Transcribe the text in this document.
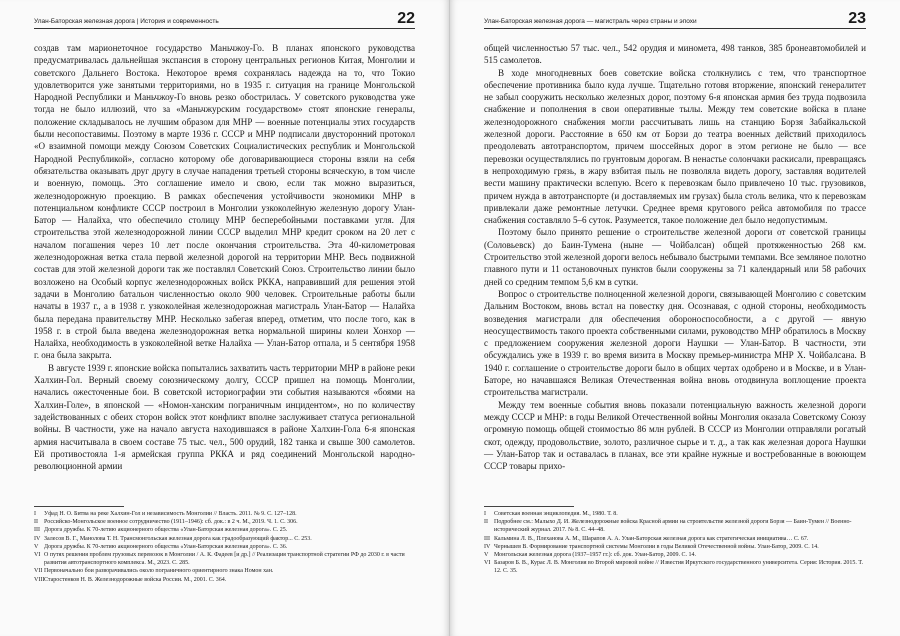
Улан-Баторская железная дорога | История и современность	22

создав там марионеточное государство Маньчжоу-Го. В планах японского руководства предусматривалась дальнейшая экспансия в сторону центральных регионов Китая, Монголии и советского Дальнего Востока. Некоторое время сохранялась надежда на то, что Токио удовлетворится уже занятыми территориями, но в 1935 г. ситуация на границе Монгольской Народной Республики и Маньчжоу-Го вновь резко обострилась. У советского руководства уже тогда не было иллюзий, что за «Маньчжурским государством» стоят японские генералы, положение складывалось не лучшим образом для МНР — военные потенциалы этих государств были несопоставимы. Поэтому в марте 1936 г. СССР и МНР подписали двусторонний протокол «О взаимной помощи между Союзом Советских Социалистических республик и Монгольской Народной Республикой», согласно которому обе договаривающиеся стороны взяли на себя обязательства оказывать друг другу в случае нападения третьей стороны всяческую, в том числе и военную, помощь. Это соглашение имело и свою, если так можно выразиться, железнодорожную проекцию. В рамках обеспечения устойчивости экономики МНР в потенциальном конфликте СССР построил в Монголии узкоколейную железную дорогу Улан-Батор — Налайха, что обеспечило столицу МНР бесперебойными поставками угля. Для строительства этой железнодорожной линии СССР выделил МНР кредит сроком на 20 лет с началом погашения через 10 лет после окончания строительства. Эта 40-километровая железнодорожная ветка стала первой железной дорогой на территории МНР. Весь подвижной состав для этой железной дороги так же поставлял Советский Союз. Строительство линии было возложено на Особый корпус железнодорожных войск РККА, направивший для решения этой задачи в Монголию батальон численностью около 900 человек. Строительные работы были начаты в 1937 г., а в 1938 г. узкоколейная железнодорожная магистраль Улан-Батор — Налайха была передана правительству МНР. Несколько забегая вперед, отметим, что после того, как в 1958 г. в строй была введена железнодорожная ветка нормальной ширины колеи Хонхор — Налайха, необходимость в узкоколейной ветке Налайха — Улан-Батор отпала, и 5 сентября 1958 г. она была закрыта.

В августе 1939 г. японские войска попытались захватить часть территории МНР в районе реки Халхин-Гол. Верный своему союзническому долгу, СССР пришел на помощь Монголии, начались ожесточенные бои. В советской историографии эти события называются «боями на Халхин-Голе», в японской — «Номон-ханским пограничным инцидентом», но по количеству задействованных с обеих сторон войск этот конфликт вполне заслуживает статуса региональной войны. В частности, уже на начало августа находившаяся в районе Халхин-Гола 6-я японская армия насчитывала в своем составе 75 тыс. чел., 500 орудий, 182 танка и свыше 300 самолетов. Ей противостояла 1-я армейская группа РККА и ряд соединений Монгольской народно-революционной армии

I	Уфад Н. О. Битва на реке Халхин-Гол и независимость Монголии // Власть. 2011. № 9. С. 127–128.
II	Российско-Монгольское военное сотрудничество (1911–1946): сб. док.: в 2 ч. М., 2019. Ч. 1. С. 306.
III Дорога дружбы. К 70-летию акционерного общества «Улан-Баторская железная дорога». С. 25.
IV Залесов В. Г., Манолова Т. Н. Трансмонгольская железная дорога как градообразующий фактор... С. 253.
V Дорога дружбы. К 70-летию акционерного общества «Улан-Баторская железная дорога». С. 36.
VI О путях решения проблем грузовых перевозок в Монголии / А. К. Фадеев [и др.] // Реализация транспортной стратегии РФ до 2030 г. в части развития автотранспортного комплекса. М., 2023. С. 285.
VII Первоначально бои разворачивались около пограничного ориентирного знака Номон хан.
VIII Старостенков Н. В. Железнодорожные войска России. М., 2001. С. 364.
Улан-Баторская железная дорога — магистраль через страны и эпохи	23

общей численностью 57 тыс. чел., 542 орудия и миномета, 498 танков, 385 бронеавтомобилей и 515 самолетов.

В ходе многодневных боев советские войска столкнулись с тем, что транспортное обеспечение противника было куда лучше. Тщательно готовя вторжение, японский генералитет не забыл сооружить несколько железных дорог, поэтому 6-я японская армия без труда подвозила снабжение и пополнения в свои оперативные тылы. Между тем советские войска в плане железнодорожного снабжения могли рассчитывать лишь на станцию Борзя Забайкальской железной дороги. Расстояние в 650 км от Борзи до театра военных действий приходилось преодолевать автотранспортом, причем шоссейных дорог в этом регионе не было — все перевозки осуществлялись по грунтовым дорогам. В ненастье солончаки раскисали, превращаясь в непроходимую грязь, в жару взбитая пыль не позволяла видеть дорогу, заставляя водителей вести машину практически вслепую. Всего к перевозкам было привлечено 10 тыс. грузовиков, причем нужда в автотранспорте (и доставляемых им грузах) была столь велика, что к перевозкам привлекали даже ремонтные летучки. Среднее время кругового рейса автомобиля по трассе снабжения составляло 5–6 суток. Разумеется, такое положение дел было недопустимым.

Поэтому было принято решение о строительстве железной дороги от советской границы (Соловьевск) до Баин-Тумена (ныне — Чойбалсан) общей протяженностью 268 км. Строительство этой железной дороги велось небывало быстрыми темпами. Все земляное полотно главного пути и 11 остановочных пунктов были сооружены за 71 календарный или 58 рабочих дней со средним темпом 5,6 км в сутки.

Вопрос о строительстве полноценной железной дороги, связывающей Монголию с советским Дальним Востоком, вновь встал на повестку дня. Осознавая, с одной стороны, необходимость возведения магистрали для обеспечения обороноспособности, а с другой — явную неосуществимость такого проекта собственными силами, руководство МНР обратилось в Москву с предложением сооружения железной дороги Наушки — Улан-Батор. В частности, эти обсуждались уже в 1939 г. во время визита в Москву премьер-министра МНР Х. Чойбалсана. В 1940 г. соглашение о строительстве дороги было в общих чертах одобрено и в Москве, и в Улан-Баторе, но начавшаяся Великая Отечественная война вновь отодвинула воплощение проекта строительства магистрали.

Между тем военные события вновь показали потенциальную важность железной дороги между СССР и МНР: в годы Великой Отечественной войны Монголия оказала Советскому Союзу огромную помощь общей стоимостью 86 млн рублей. В СССР из Монголии отправляли рогатый скот, одежду, продовольствие, золото, различное сырье и т. д., а так как железная дорога Наушки — Улан-Батор так и оставалась в планах, все эти крайне нужные и востребованные в воюющем СССР товары прихо-

I	Советская военная энциклопедия. М., 1980. Т. 8.
II	Подробнее см.: Малыхо Д. И. Железнодорожные войска Красной армии на строительстве железной дороги Борзя — Баин-Тумен // Военно-исторический журнал. 2017. № 8. С. 44–48.
III Кальмина Л. В., Плеханова А. М., Шарапов А. А. Улан-Баторская железная дорога как стратегическая инициатива… С. 67.
IV Чернышев В. Формирование транспортной системы Монголии в годы Великой Отечественной войны. Улан-Батор, 2009. С. 14.
V Монгольская железная дорога (1937–1957 гг.): сб. док. Улан-Батор, 2009. С. 14.
VI Базаров Б. В., Курас Л. В. Монголия во Второй мировой войне // Известия Иркутского государственного университета. Серия: История. 2015. Т. 12. С. 35.
